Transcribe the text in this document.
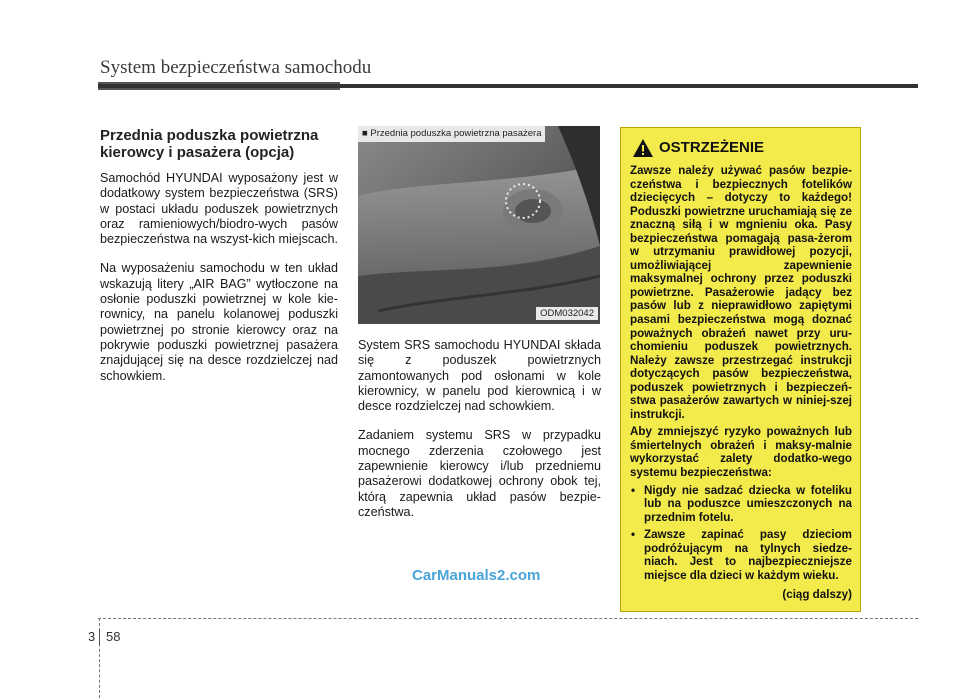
System bezpieczeństwa samochodu
Przednia poduszka powietrzna kierowcy i pasażera (opcja)

Samochód HYUNDAI wyposażony jest w dodatkowy system bezpieczeństwa (SRS) w postaci układu poduszek powietrznych oraz ramieniowych/biodro-wych pasów bezpieczeństwa na wszyst-kich miejscach.

Na wyposażeniu samochodu w ten układ wskazują litery „AIR BAG” wytłoczone na osłonie poduszki powietrznej w kole kie-rownicy, na panelu kolanowej poduszki powietrznej po stronie kierowcy oraz na pokrywie poduszki powietrznej pasażera znajdującej się na desce rozdzielczej nad schowkiem.

■ Przednia poduszka powietrzna pasażera
ODM032042

System SRS samochodu HYUNDAI składa się z poduszek powietrznych zamontowanych pod osłonami w kole kierownicy, w panelu pod kierownicą i w desce rozdzielczej nad schowkiem.

Zadaniem systemu SRS w przypadku mocnego zderzenia czołowego jest zapewnienie kierowcy i/lub przedniemu pasażerowi dodatkowej ochrony obok tej, którą zapewnia układ pasów bezpie-czeństwa.

OSTRZEŻENIE

Zawsze należy używać pasów bezpie-czeństwa i bezpiecznych fotelików dziecięcych – dotyczy to każdego! Poduszki powietrzne uruchamiają się ze znaczną siłą i w mgnieniu oka. Pasy bezpieczeństwa pomagają pasa-żerom w utrzymaniu prawidłowej pozycji, umożliwiającej zapewnienie maksymalnej ochrony przez poduszki powietrzne. Pasażerowie jadący bez pasów lub z nieprawidłowo zapiętymi pasami bezpieczeństwa mogą doznać poważnych obrażeń nawet przy uru-chomieniu poduszek powietrznych. Należy zawsze przestrzegać instrukcji dotyczących pasów bezpieczeństwa, poduszek powietrznych i bezpieczeń-stwa pasażerów zawartych w niniej-szej instrukcji.

Aby zmniejszyć ryzyko poważnych lub śmiertelnych obrażeń i maksy-malnie wykorzystać zalety dodatko-wego systemu bezpieczeństwa:

• Nigdy nie sadzać dziecka w foteliku lub na poduszce umieszczonych na przednim fotelu.

• Zawsze zapinać pasy dzieciom podróżującym na tylnych siedze-niach. Jest to najbezpieczniejsze miejsce dla dzieci w każdym wieku.

(ciąg dalszy)
CarManuals2.com
3 58
